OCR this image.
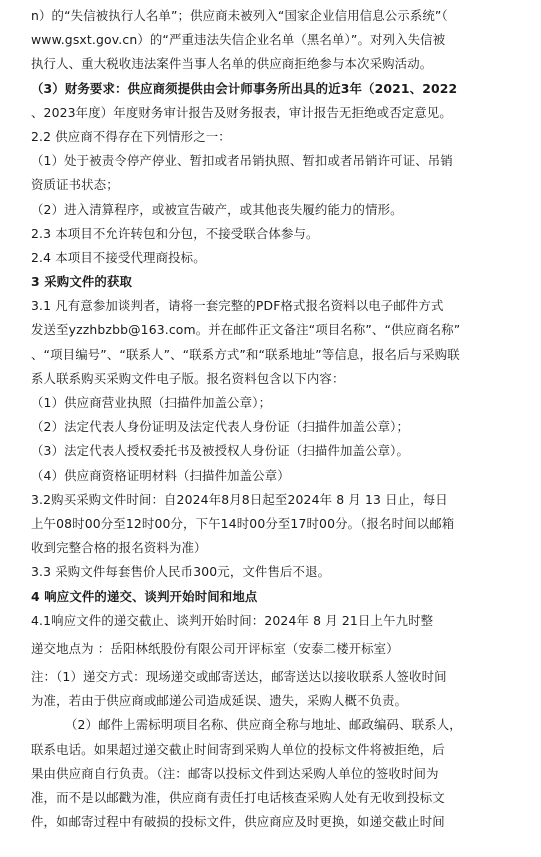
n）的“失信被执行人名单”；供应商未被列入“国家企业信用信息公示系统”（
www.gsxt.gov.cn）的“严重违法失信企业名单（黑名单）”。对列入失信被
执行人、重大税收违法案件当事人名单的供应商拒绝参与本次采购活动。
（3）财务要求：供应商须提供由会计师事务所出具的近3年（2021、2022
、2023年度）年度财务审计报告及财务报表，审计报告无拒绝或否定意见。
2.2 供应商不得存在下列情形之一：
（1）处于被责令停产停业、暂扣或者吊销执照、暂扣或者吊销许可证、吊销
资质证书状态；
（2）进入清算程序，或被宣告破产，或其他丧失履约能力的情形。
2.3 本项目不允许转包和分包，不接受联合体参与。
2.4 本项目不接受代理商投标。
3 采购文件的获取
3.1 凡有意参加谈判者，请将一套完整的PDF格式报名资料以电子邮件方式
发送至yzzhbzbb@163.com。并在邮件正文备注“项目名称”、“供应商名称”
、“项目编号”、“联系人”、“联系方式”和“联系地址”等信息，报名后与采购联
系人联系购买采购文件电子版。报名资料包含以下内容：
（1）供应商营业执照（扫描件加盖公章）；
（2）法定代表人身份证明及法定代表人身份证（扫描件加盖公章）；
（3）法定代表人授权委托书及被授权人身份证（扫描件加盖公章）。
（4）供应商资格证明材料（扫描件加盖公章）
3.2购买采购文件时间：自2024年8月8日起至2024年 8 月 13 日止，每日
上午08时00分至12时00分，下午14时00分至17时00分。（报名时间以邮箱
收到完整合格的报名资料为准）
3.3 采购文件每套售价人民币300元，文件售后不退。
4 响应文件的递交、谈判开始时间和地点
4.1响应文件的递交截止、谈判开始时间：2024年 8 月 21日上午九时整
递交地点为 ：岳阳林纸股份有限公司开评标室（安泰二楼开标室）
注：（1）递交方式：现场递交或邮寄送达，邮寄送达以接收联系人签收时间
为准，若由于供应商或邮递公司造成延误、遗失，采购人概不负责。
（2）邮件上需标明项目名称、供应商全称与地址、邮政编码、联系人，
联系电话。如果超过递交截止时间寄到采购人单位的投标文件将被拒绝，后
果由供应商自行负责。（注：邮寄以投标文件到达采购人单位的签收时间为
准，而不是以邮戳为准，供应商有责任打电话核查采购人处有无收到投标文
件，如邮寄过程中有破损的投标文件，供应商应及时更换，如递交截止时间
